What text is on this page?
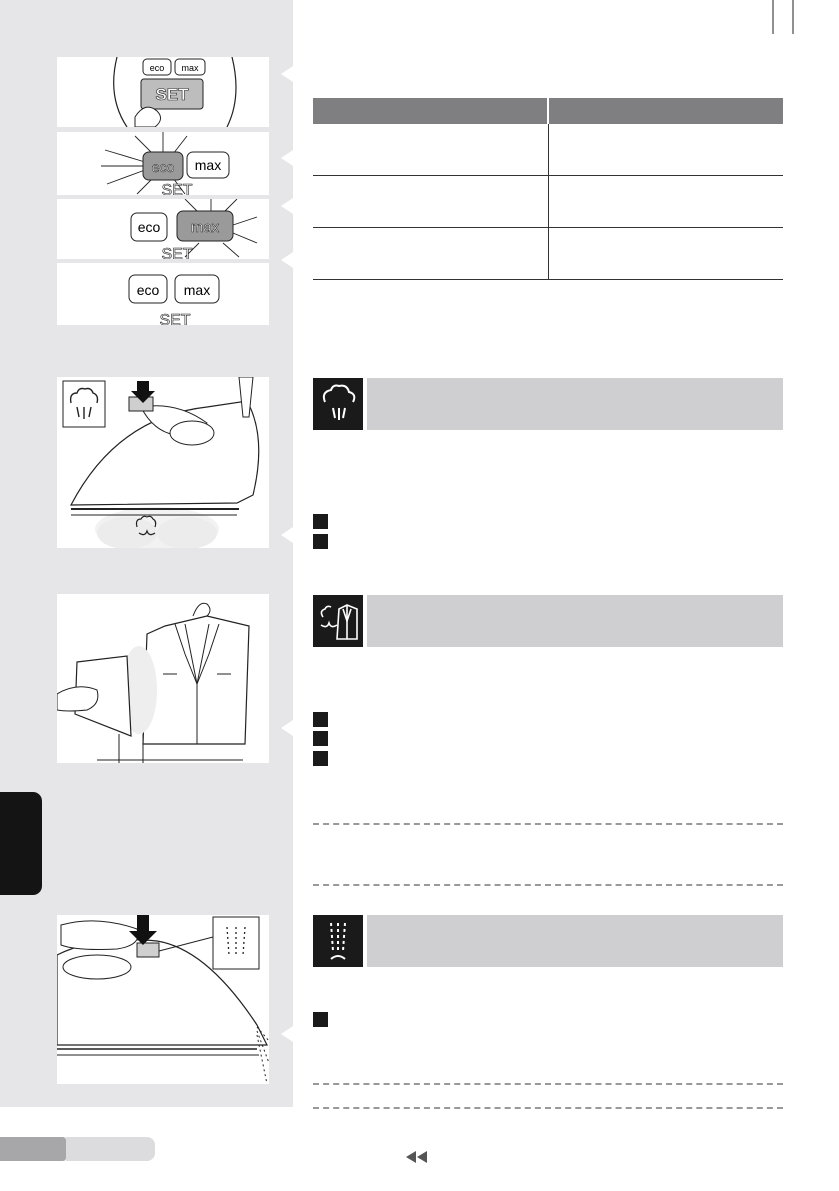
eco max
SET
eco max
SET
eco max
SET
eco max
SET
